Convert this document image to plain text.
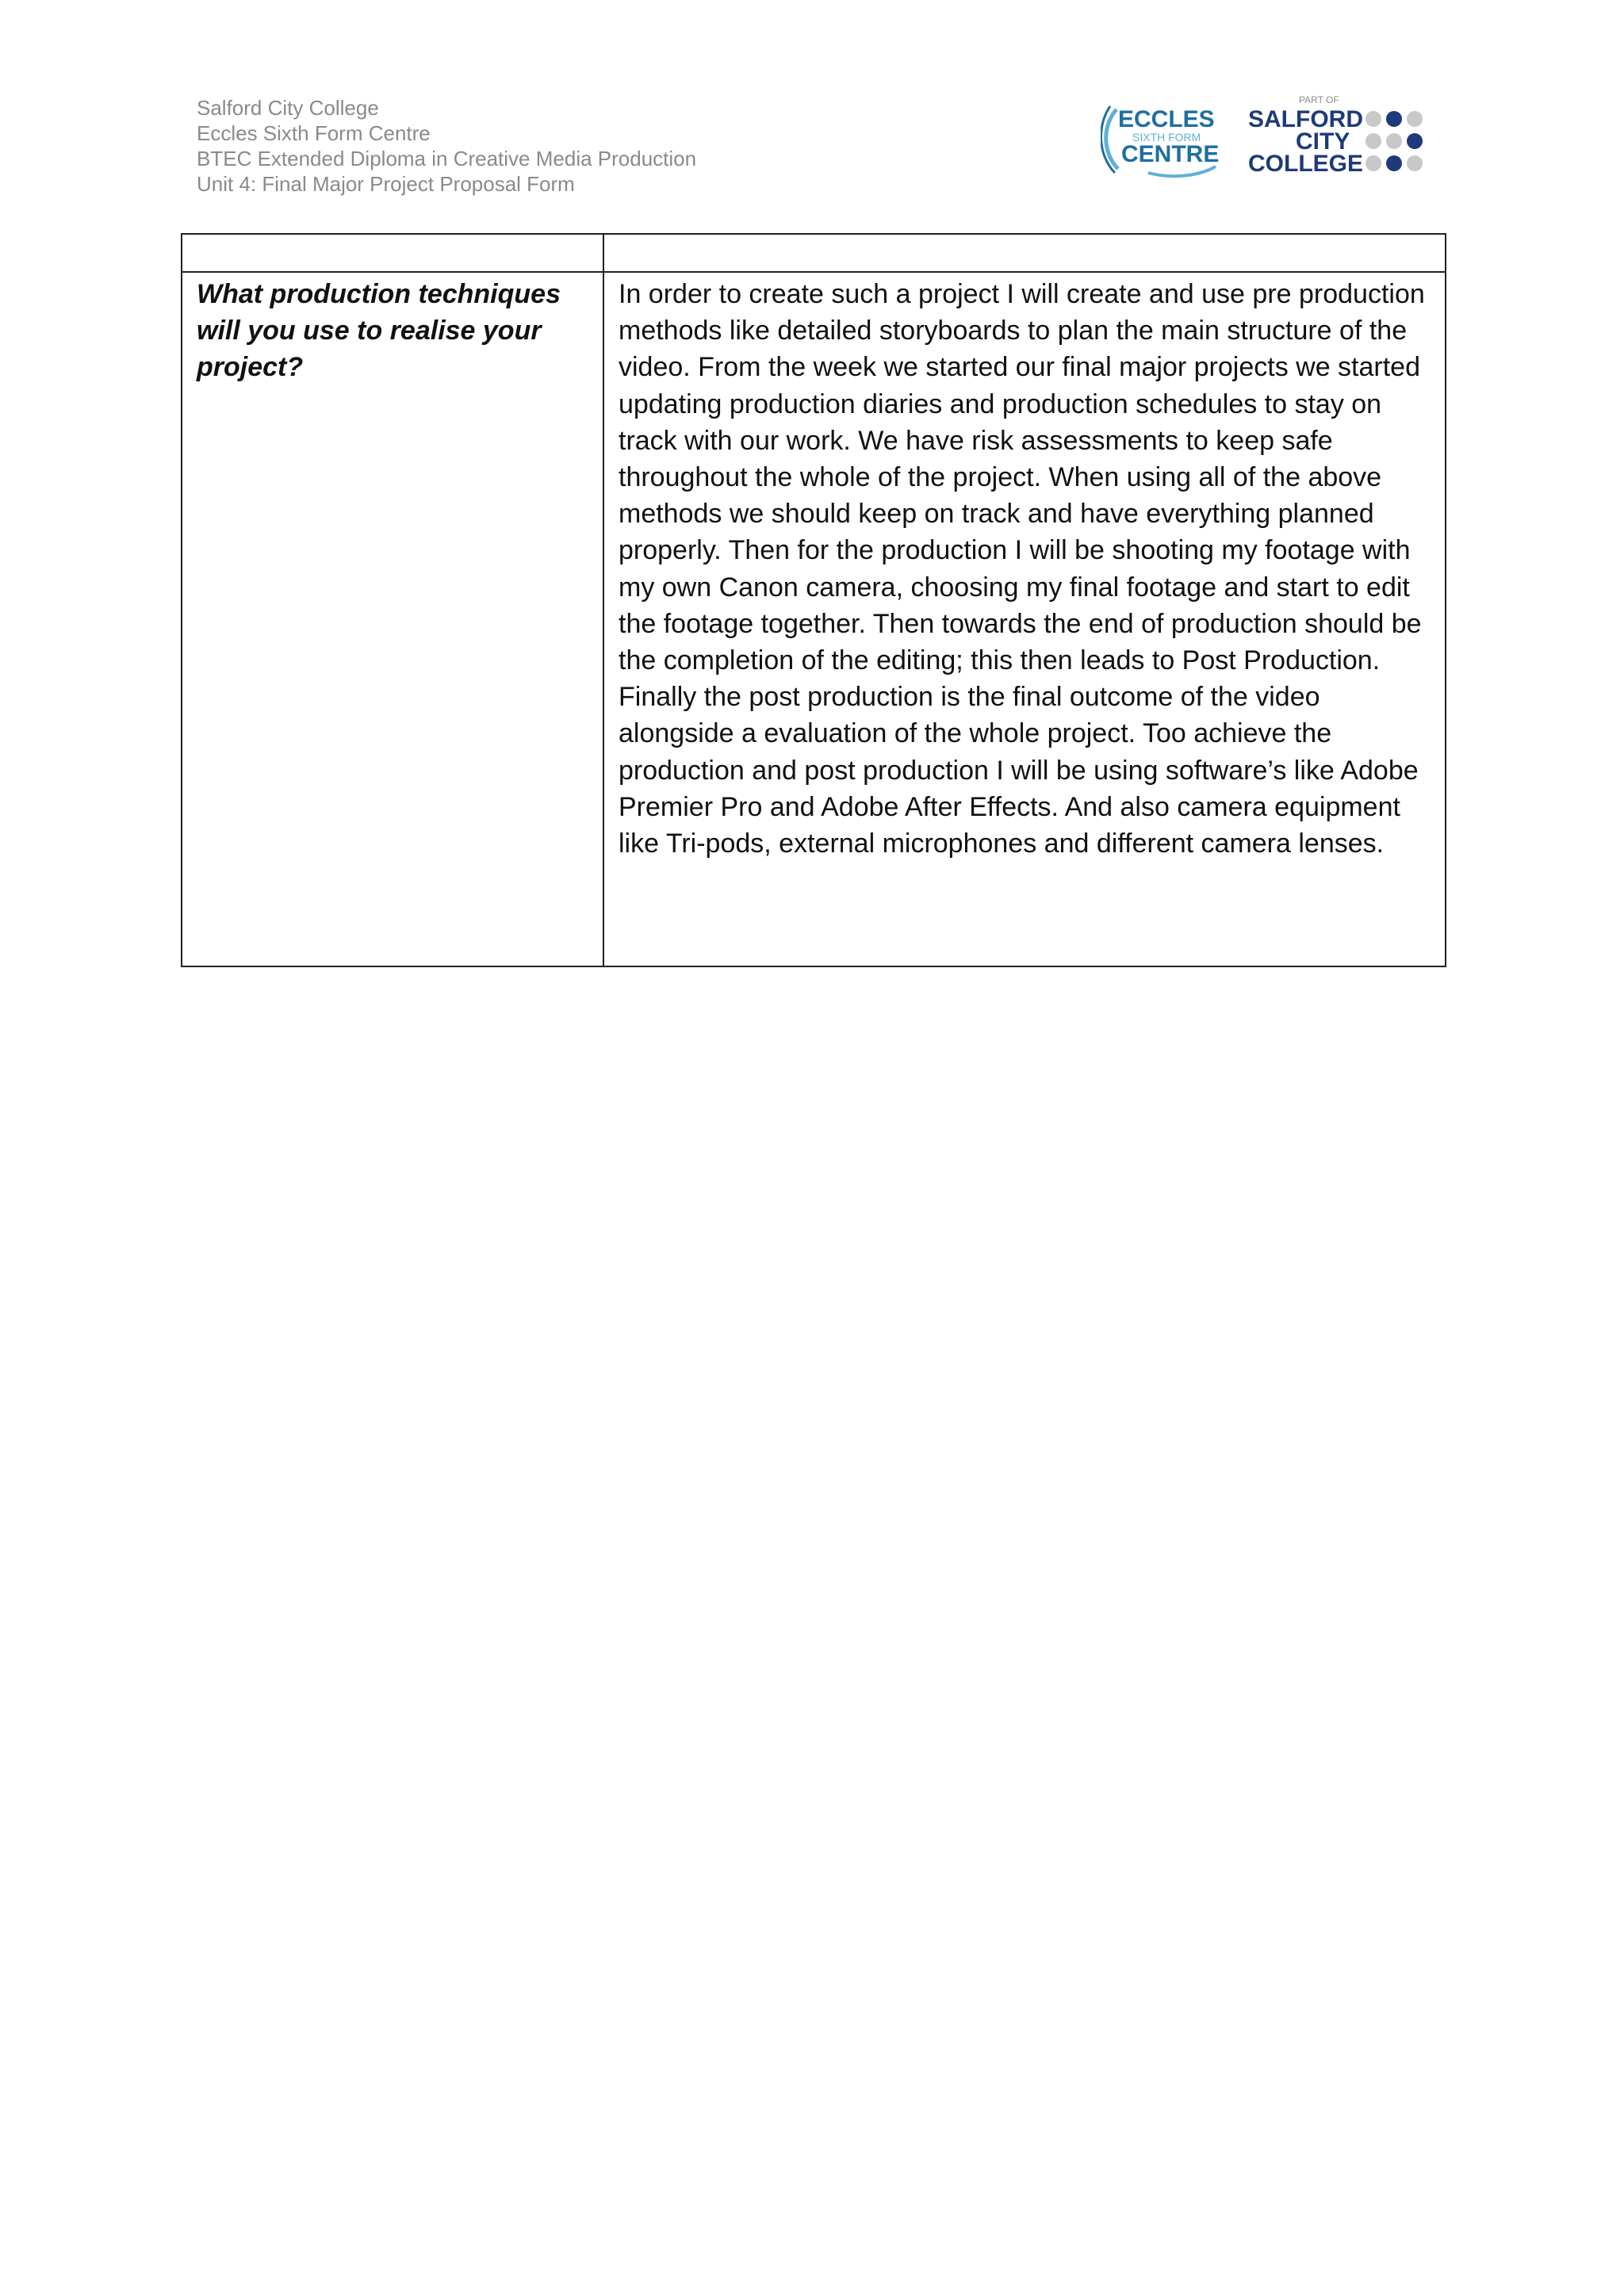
Salford City College
Eccles Sixth Form Centre
BTEC Extended Diploma in Creative Media Production
Unit 4: Final Major Project Proposal Form
ECCLES
SIXTH FORM
CENTRE
PART OF
SALFORD
CITY
COLLEGE

What production techniques will you use to realise your project?	In order to create such a project I will create and use pre production methods like detailed storyboards to plan the main structure of the video. From the week we started our final major projects we started updating production diaries and production schedules to stay on track with our work. We have risk assessments to keep safe throughout the whole of the project. When using all of the above methods we should keep on track and have everything planned properly. Then for the production I will be shooting my footage with my own Canon camera, choosing my final footage and start to edit the footage together. Then towards the end of production should be the completion of the editing; this then leads to Post Production. Finally the post production is the final outcome of the video alongside a evaluation of the whole project. Too achieve the production and post production I will be using software’s like Adobe Premier Pro and Adobe After Effects. And also camera equipment like Tri-pods, external microphones and different camera lenses.
